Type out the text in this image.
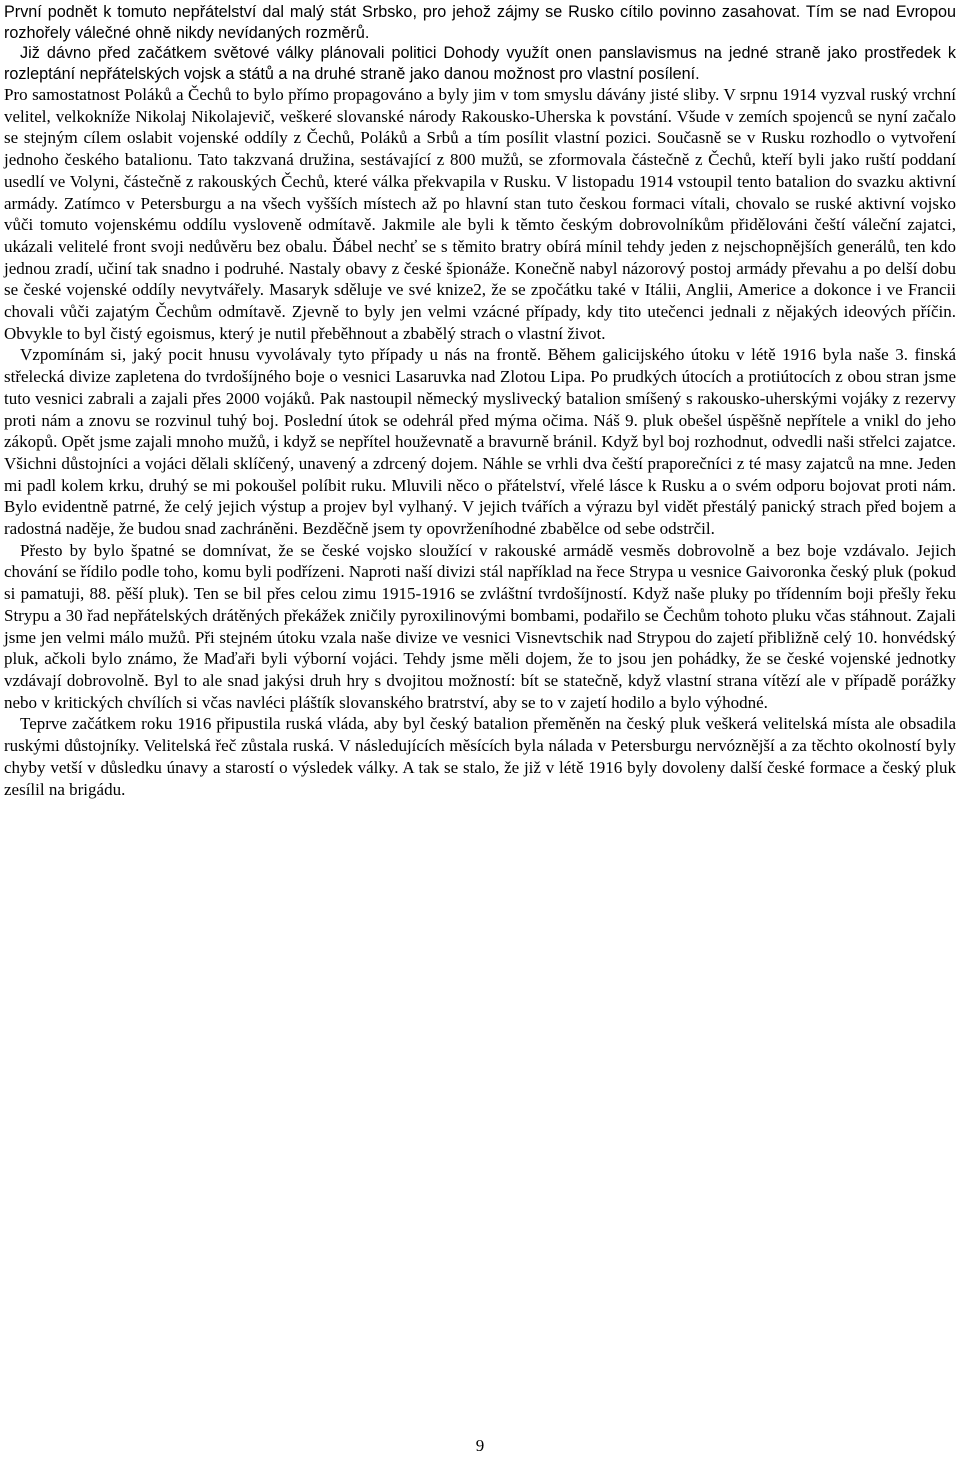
První podnět k tomuto nepřátelství dal malý stát Srbsko, pro jehož zájmy se Rusko cítilo povinno zasahovat. Tím se nad Evropou rozhořely válečné ohně nikdy nevídaných rozměrů.

Již dávno před začátkem světové války plánovali politici Dohody využít onen panslavismus na jedné straně jako prostředek k rozleptání nepřátelských vojsk a států a na druhé straně jako danou možnost pro vlastní posílení.

Pro samostatnost Poláků a Čechů to bylo přímo propagováno a byly jim v tom smyslu dávány jisté sliby. V srpnu 1914 vyzval ruský vrchní velitel, velkokníže Nikolaj Nikolajevič, veškeré slovanské národy Rakousko-Uherska k povstání. Všude v zemích spojenců se nyní začalo se stejným cílem oslabit vojenské oddíly z Čechů, Poláků a Srbů a tím posílit vlastní pozici. Současně se v Rusku rozhodlo o vytvoření jednoho českého batalionu. Tato takzvaná družina, sestávající z 800 mužů, se zformovala částečně z Čechů, kteří byli jako ruští poddaní usedlí ve Volyni, částečně z rakouských Čechů, které válka překvapila v Rusku. V listopadu 1914 vstoupil tento batalion do svazku aktivní armády. Zatímco v Petersburgu a na všech vyšších místech až po hlavní stan tuto českou formaci vítali, chovalo se ruské aktivní vojsko vůči tomuto vojenskému oddílu vysloveně odmítavě. Jakmile ale byli k těmto českým dobrovolníkům přidělováni čeští váleční zajatci, ukázali velitelé front svoji nedůvěru bez obalu. Ďábel nechť se s těmito bratry obírá mínil tehdy jeden z nejschopnějších generálů, ten kdo jednou zradí, učiní tak snadno i podruhé. Nastaly obavy z české špionáže. Konečně nabyl názorový postoj armády převahu a po delší dobu se české vojenské oddíly nevytvářely. Masaryk sděluje ve své knize2, že se zpočátku také v Itálii, Anglii, Americe a dokonce i ve Francii chovali vůči zajatým Čechům odmítavě. Zjevně to byly jen velmi vzácné případy, kdy tito utečenci jednali z nějakých ideových příčin. Obvykle to byl čistý egoismus, který je nutil přeběhnout a zbabělý strach o vlastní život.

Vzpomínám si, jaký pocit hnusu vyvolávaly tyto případy u nás na frontě. Během galicijského útoku v létě 1916 byla naše 3. finská střelecká divize zapletena do tvrdošíjného boje o vesnici Lasaruvka nad Zlotou Lipa. Po prudkých útocích a protiútocích z obou stran jsme tuto vesnici zabrali a zajali přes 2000 vojáků. Pak nastoupil německý myslivecký batalion smíšený s rakousko-uherskými vojáky z rezervy proti nám a znovu se rozvinul tuhý boj. Poslední útok se odehrál před mýma očima. Náš 9. pluk obešel úspěšně nepřítele a vnikl do jeho zákopů. Opět jsme zajali mnoho mužů, i když se nepřítel houževnatě a bravurně bránil. Když byl boj rozhodnut, odvedli naši střelci zajatce. Všichni důstojníci a vojáci dělali sklíčený, unavený a zdrcený dojem. Náhle se vrhli dva čeští praporečníci z té masy zajatců na mne. Jeden mi padl kolem krku, druhý se mi pokoušel políbit ruku. Mluvili něco o přátelství, vřelé lásce k Rusku a o svém odporu bojovat proti nám. Bylo evidentně patrné, že celý jejich výstup a projev byl vylhaný. V jejich tvářích a výrazu byl vidět přestálý panický strach před bojem a radostná naděje, že budou snad zachráněni. Bezděčně jsem ty opovrženíhodné zbabělce od sebe odstrčil.

Přesto by bylo špatné se domnívat, že se české vojsko sloužící v rakouské armádě vesměs dobrovolně a bez boje vzdávalo. Jejich chování se řídilo podle toho, komu byli podřízeni. Naproti naší divizi stál například na řece Strypa u vesnice Gaivoronka český pluk (pokud si pamatuji, 88. pěší pluk). Ten se bil přes celou zimu 1915-1916 se zvláštní tvrdošíjností. Když naše pluky po třídenním boji přešly řeku Strypu a 30 řad nepřátelských drátěných překážek zničily pyroxilinovými bombami, podařilo se Čechům tohoto pluku včas stáhnout. Zajali jsme jen velmi málo mužů. Při stejném útoku vzala naše divize ve vesnici Visnevtschik nad Strypou do zajetí přibližně celý 10. honvédský pluk, ačkoli bylo známo, že Maďaři byli výborní vojáci. Tehdy jsme měli dojem, že to jsou jen pohádky, že se české vojenské jednotky vzdávají dobrovolně. Byl to ale snad jakýsi druh hry s dvojitou možností: bít se statečně, když vlastní strana vítězí ale v případě porážky nebo v kritických chvílích si včas navléci pláštík slovanského bratrství, aby se to v zajetí hodilo a bylo výhodné.

Teprve začátkem roku 1916 připustila ruská vláda, aby byl český batalion přeměněn na český pluk veškerá velitelská místa ale obsadila ruskými důstojníky. Velitelská řeč zůstala ruská. V následujících měsících byla nálada v Petersburgu nervóznější a za těchto okolností byly chyby vetší v důsledku únavy a starostí o výsledek války. A tak se stalo, že již v létě 1916 byly dovoleny další české formace a český pluk zesílil na brigádu.

9
